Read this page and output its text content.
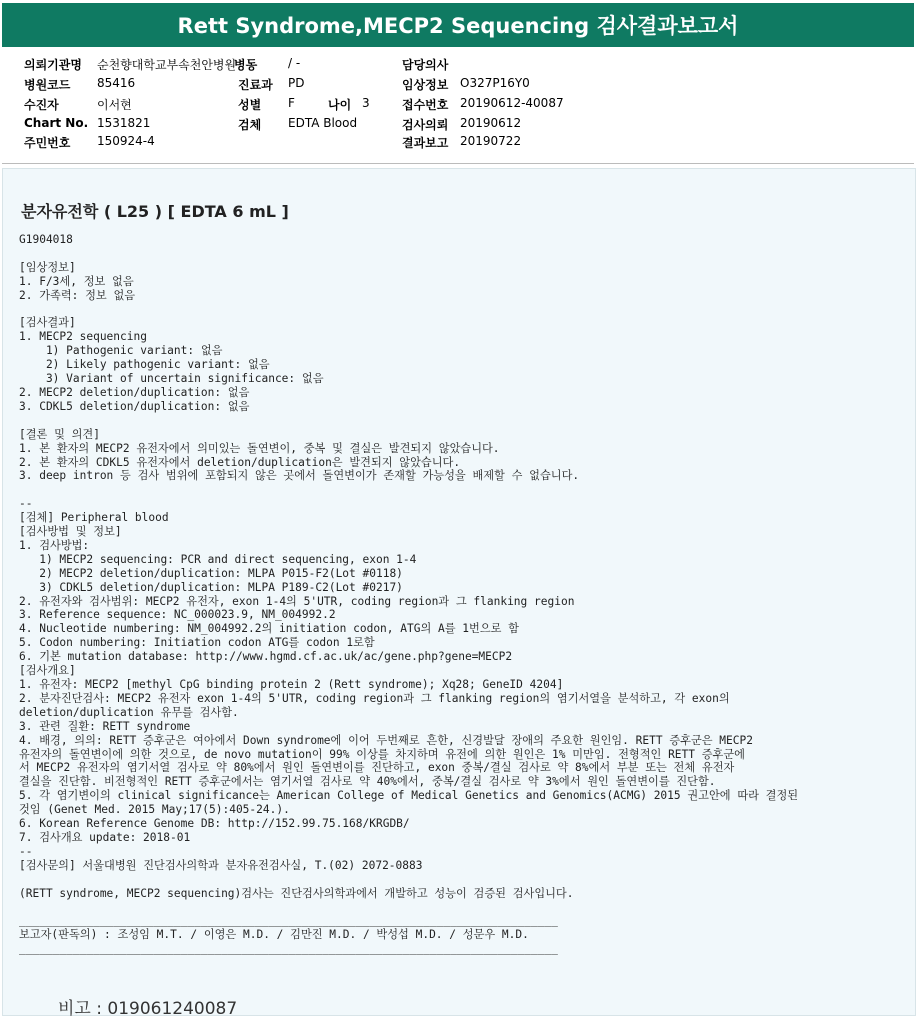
Rett Syndrome,MECP2 Sequencing 검사결과보고서
의뢰기관명 순천향대학교부속천안병원
병동	/ -	담당의사
병원코드 85416	진료과 PD	임상정보 O327P16Y0
수진자	이서현	성별 F	나이 3	접수번호 20190612-40087
Chart No. 1531821	검체 EDTA Blood	검사의뢰 20190612
주민번호 150924-4	결과보고 20190722
분자유전학 ( L25 ) [ EDTA 6 mL ]
G1904018

[임상정보]
1. F/3세, 정보 없음
2. 가족력: 정보 없음

[검사결과]
1. MECP2 sequencing
1) Pathogenic variant: 없음
2) Likely pathogenic variant: 없음
3) Variant of uncertain significance: 없음
2. MECP2 deletion/duplication: 없음
3. CDKL5 deletion/duplication: 없음

[결론 및 의견]
1. 본 환자의 MECP2 유전자에서 의미있는 돌연변이, 중복 및 결실은 발견되지 않았습니다.
2. 본 환자의 CDKL5 유전자에서 deletion/duplication은 발견되지 않았습니다.
3. deep intron 등 검사 범위에 포함되지 않은 곳에서 돌연변이가 존재할 가능성을 배제할 수 없습니다.

--
[검체] Peripheral blood
[검사방법 및 정보]
1. 검사방법:
1) MECP2 sequencing: PCR and direct sequencing, exon 1-4
2) MECP2 deletion/duplication: MLPA P015-F2(Lot #0118)
3) CDKL5 deletion/duplication: MLPA P189-C2(Lot #0217)
2. 유전자와 검사범위: MECP2 유전자, exon 1-4의 5'UTR, coding region과 그 flanking region
3. Reference sequence: NC_000023.9, NM_004992.2
4. Nucleotide numbering: NM_004992.2의 initiation codon, ATG의 A를 1번으로 함
5. Codon numbering: Initiation codon ATG를 codon 1로함
6. 기본 mutation database: http://www.hgmd.cf.ac.uk/ac/gene.php?gene=MECP2
[검사개요]
1. 유전자: MECP2 [methyl CpG binding protein 2 (Rett syndrome); Xq28; GeneID 4204]
2. 분자진단검사: MECP2 유전자 exon 1-4의 5'UTR, coding region과 그 flanking region의 염기서열을 분석하고, 각 exon의
deletion/duplication 유무를 검사함.
3. 관련 질환: RETT syndrome
4. 배경, 의의: RETT 증후군은 여아에서 Down syndrome에 이어 두번째로 흔한, 신경발달 장애의 주요한 원인임. RETT 증후군은 MECP2
유전자의 돌연변이에 의한 것으로, de novo mutation이 99% 이상를 차지하며 유전에 의한 원인은 1% 미만임. 전형적인 RETT 증후군에
서 MECP2 유전자의 염기서열 검사로 약 80%에서 원인 돌연변이를 진단하고, exon 중복/결실 검사로 약 8%에서 부분 또는 전체 유전자
결실을 진단함. 비전형적인 RETT 증후군에서는 염기서열 검사로 약 40%에서, 중복/결실 검사로 약 3%에서 원인 돌연변이를 진단함.
5. 각 염기변이의 clinical significance는 American College of Medical Genetics and Genomics(ACMG) 2015 권고안에 따라 결정된
것임 (Genet Med. 2015 May;17(5):405-24.).
6. Korean Reference Genome DB: http://152.99.75.168/KRGDB/
7. 검사개요 update: 2018-01
--
[검사문의] 서울대병원 진단검사의학과 분자유전검사실, T.(02) 2072-0883

(RETT syndrome, MECP2 sequencing)검사는 진단검사의학과에서 개발하고 성능이 검증된 검사입니다.

________________________________________________________________________________
보고자(판독의) : 조성임 M.T. / 이영은 M.D. / 김만진 M.D. / 박성섭 M.D. / 성문우 M.D.
________________________________________________________________________________
비고 : 019061240087
